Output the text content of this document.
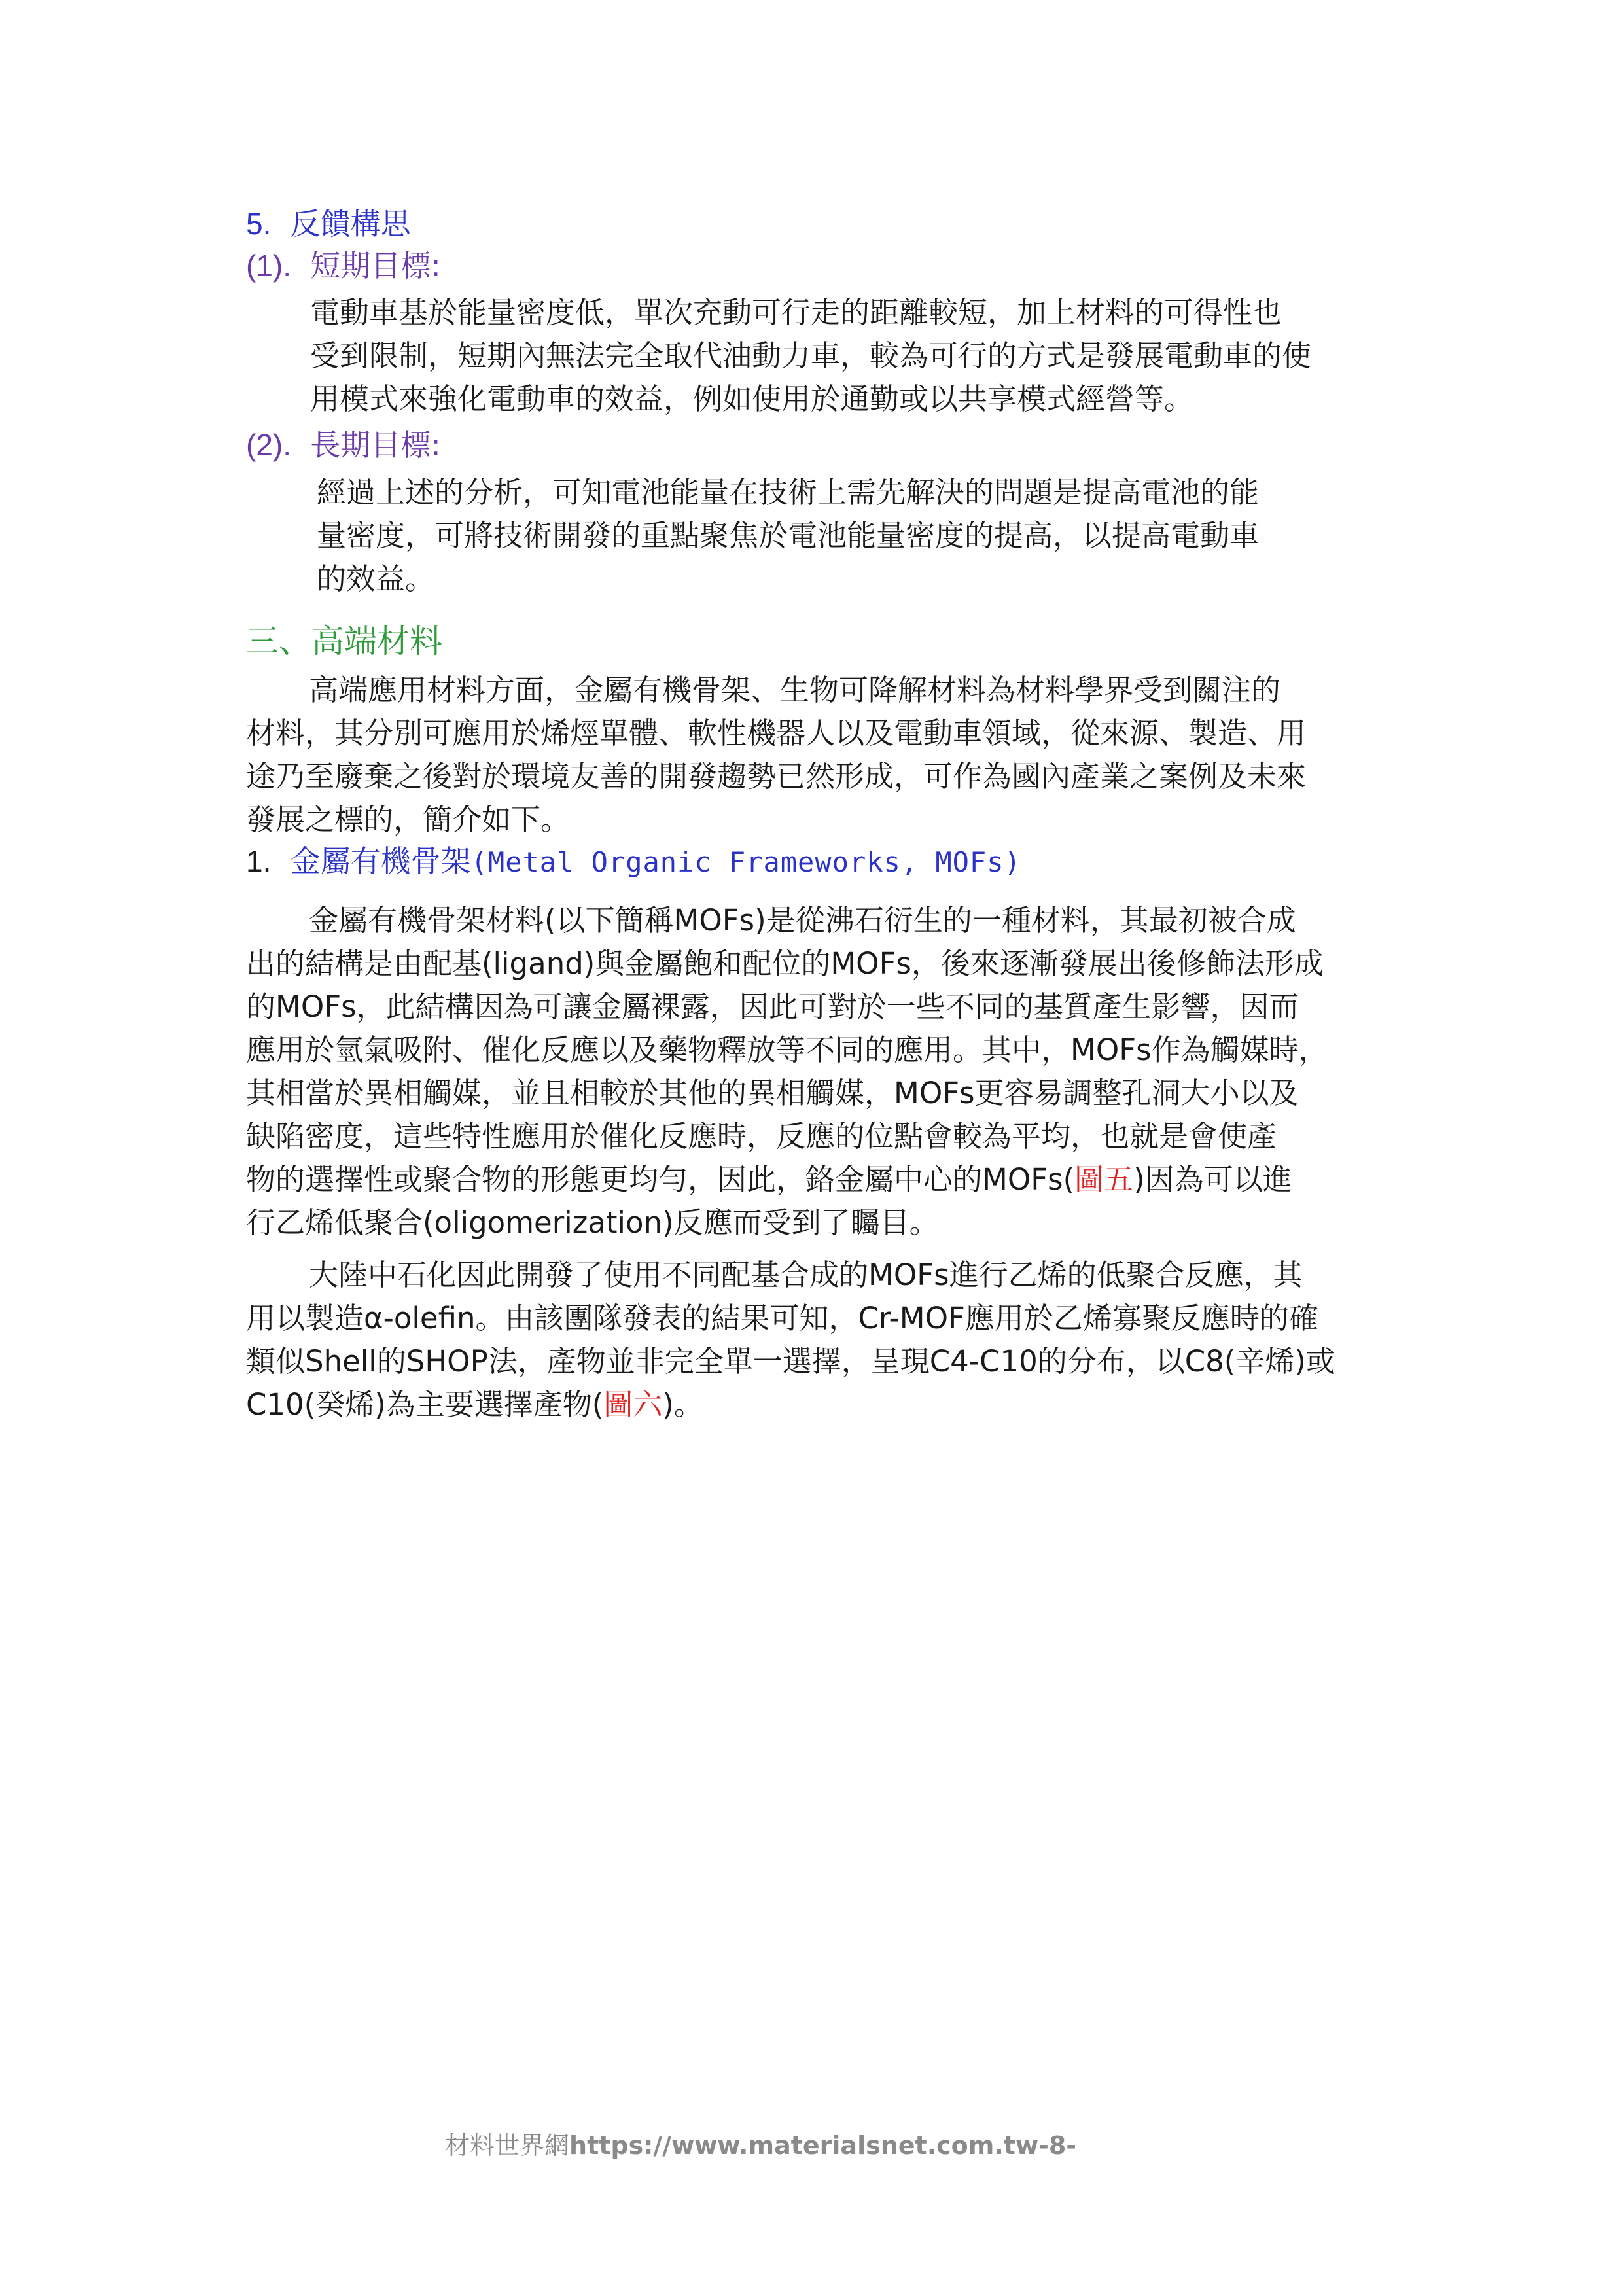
5. 反饋構思
(1). 短期目標:
電動車基於能量密度低，單次充動可行走的距離較短，加上材料的可得性也
受到限制，短期內無法完全取代油動力車，較為可行的方式是發展電動車的使
用模式來強化電動車的效益，例如使用於通勤或以共享模式經營等。
(2). 長期目標:
經過上述的分析，可知電池能量在技術上需先解決的問題是提高電池的能
量密度，可將技術開發的重點聚焦於電池能量密度的提高，以提高電動車
的效益。
三、高端材料
高端應用材料方面，金屬有機骨架、生物可降解材料為材料學界受到關注的
材料，其分別可應用於烯烴單體、軟性機器人以及電動車領域，從來源、製造、用
途乃至廢棄之後對於環境友善的開發趨勢已然形成，可作為國內產業之案例及未來
發展之標的，簡介如下。
1. 金屬有機骨架(Metal Organic Frameworks, MOFs)
金屬有機骨架材料(以下簡稱MOFs)是從沸石衍生的一種材料，其最初被合成
出的結構是由配基(ligand)與金屬飽和配位的MOFs，後來逐漸發展出後修飾法形成
的MOFs，此結構因為可讓金屬裸露，因此可對於一些不同的基質產生影響，因而
應用於氫氣吸附、催化反應以及藥物釋放等不同的應用。其中，MOFs作為觸媒時，
其相當於異相觸媒，並且相較於其他的異相觸媒，MOFs更容易調整孔洞大小以及
缺陷密度，這些特性應用於催化反應時，反應的位點會較為平均，也就是會使產
物的選擇性或聚合物的形態更均勻，因此，鉻金屬中心的MOFs(圖五)因為可以進
行乙烯低聚合(oligomerization)反應而受到了矚目。
大陸中石化因此開發了使用不同配基合成的MOFs進行乙烯的低聚合反應，其
用以製造α-olefin。由該團隊發表的結果可知，Cr-MOF應用於乙烯寡聚反應時的確
類似Shell的SHOP法，產物並非完全單一選擇，呈現C4-C10的分布，以C8(辛烯)或
C10(癸烯)為主要選擇產物(圖六)。
材料世界網https://www.materialsnet.com.tw-8-
